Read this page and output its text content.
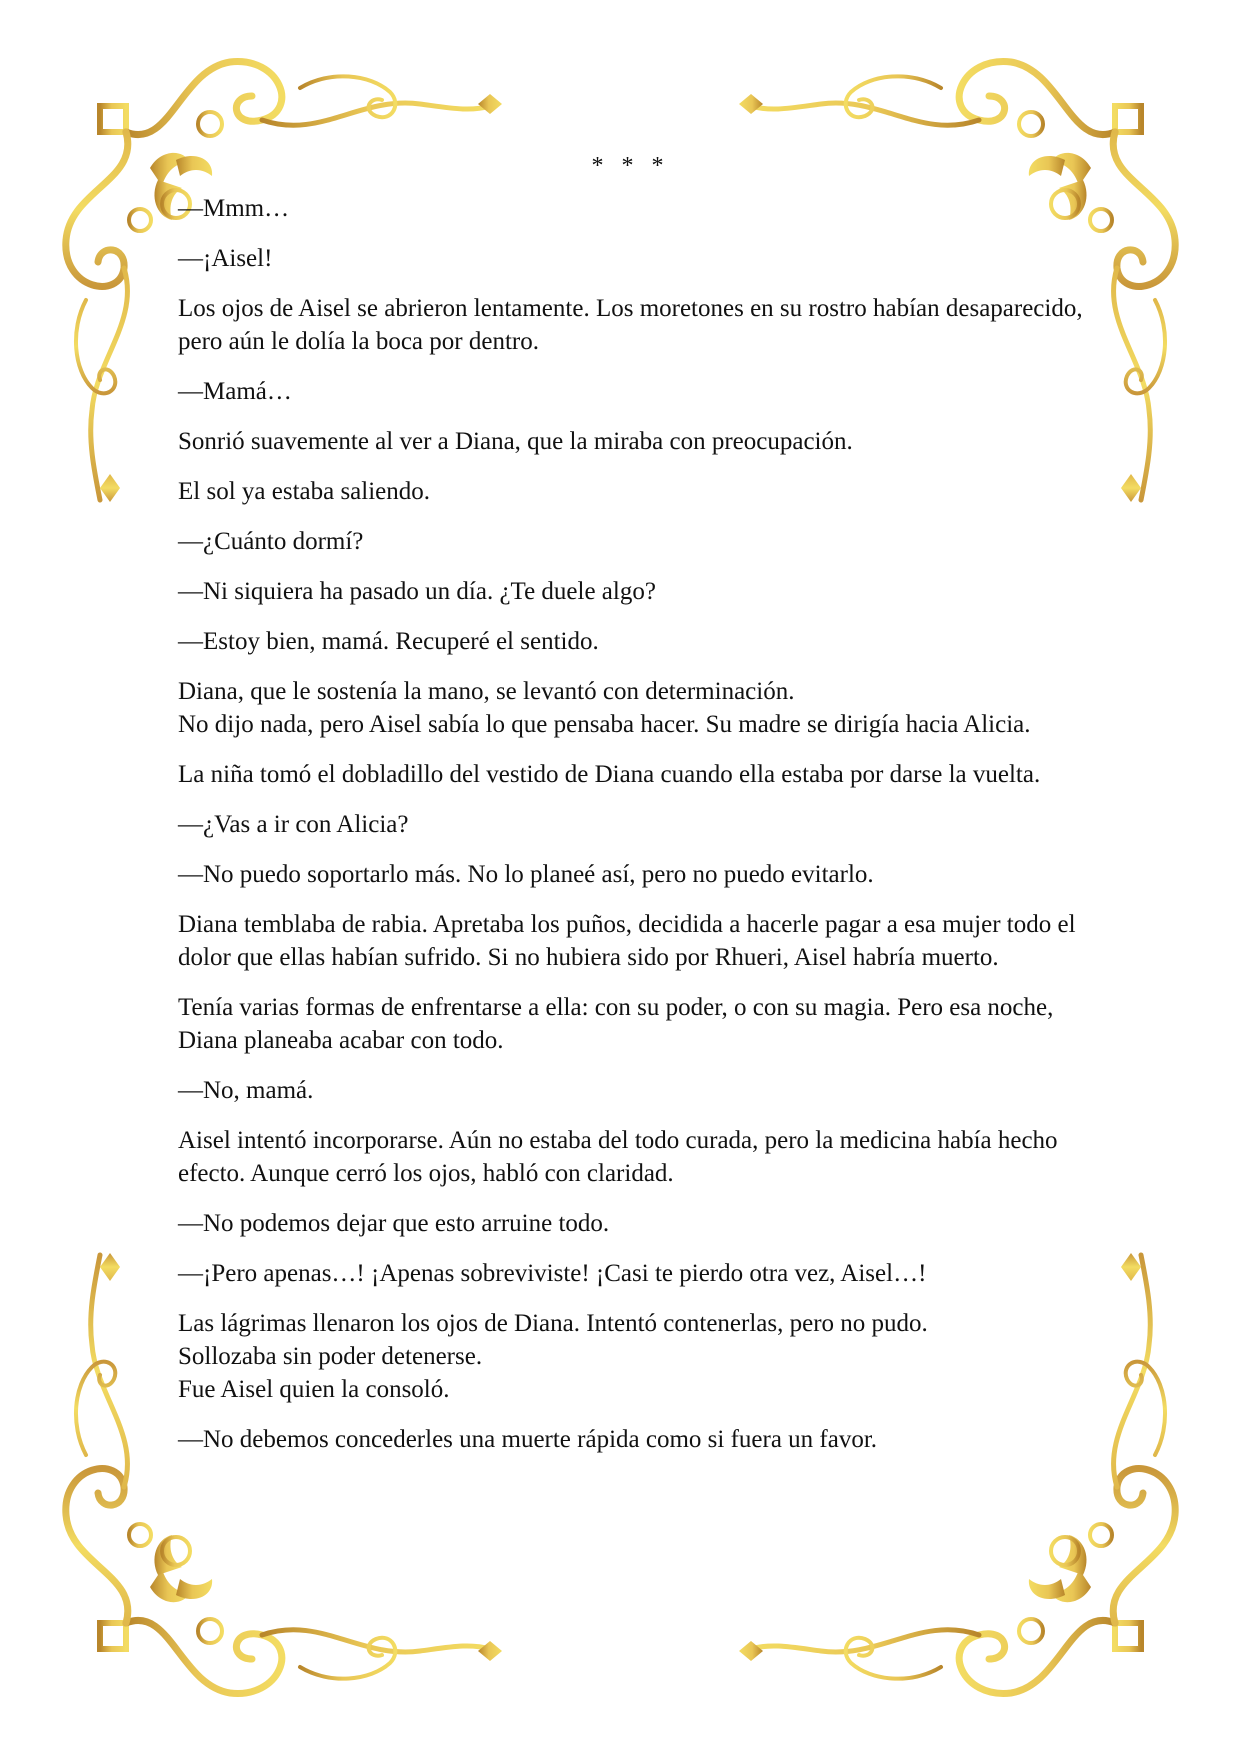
* * *
—Mmm…
—¡Aisel!
Los ojos de Aisel se abrieron lentamente. Los moretones en su rostro habían desaparecido, pero aún le dolía la boca por dentro.
—Mamá…
Sonrió suavemente al ver a Diana, que la miraba con preocupación.
El sol ya estaba saliendo.
—¿Cuánto dormí?
—Ni siquiera ha pasado un día. ¿Te duele algo?
—Estoy bien, mamá. Recuperé el sentido.
Diana, que le sostenía la mano, se levantó con determinación.
No dijo nada, pero Aisel sabía lo que pensaba hacer. Su madre se dirigía hacia Alicia.
La niña tomó el dobladillo del vestido de Diana cuando ella estaba por darse la vuelta.
—¿Vas a ir con Alicia?
—No puedo soportarlo más. No lo planeé así, pero no puedo evitarlo.
Diana temblaba de rabia. Apretaba los puños, decidida a hacerle pagar a esa mujer todo el dolor que ellas habían sufrido. Si no hubiera sido por Rhueri, Aisel habría muerto.
Tenía varias formas de enfrentarse a ella: con su poder, o con su magia. Pero esa noche, Diana planeaba acabar con todo.
—No, mamá.
Aisel intentó incorporarse. Aún no estaba del todo curada, pero la medicina había hecho efecto. Aunque cerró los ojos, habló con claridad.
—No podemos dejar que esto arruine todo.
—¡Pero apenas…! ¡Apenas sobreviviste! ¡Casi te pierdo otra vez, Aisel…!
Las lágrimas llenaron los ojos de Diana. Intentó contenerlas, pero no pudo.
Sollozaba sin poder detenerse.
Fue Aisel quien la consoló.
—No debemos concederles una muerte rápida como si fuera un favor.
